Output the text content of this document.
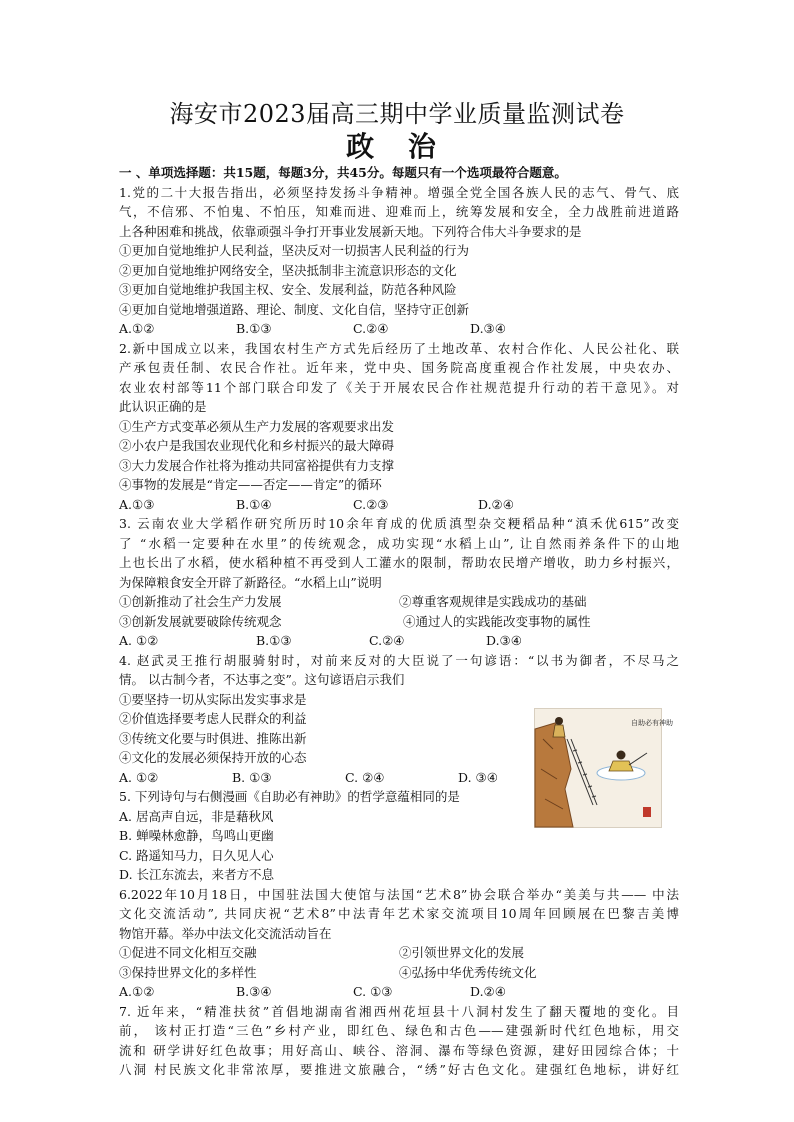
海安市2023届高三期中学业质量监测试卷
政 治
一 、单项选择题：共15题，每题3分，共45分。每题只有一个选项最符合题意。
1.党的二十大报告指出，必须坚持发扬斗争精神。增强全党全国各族人民的志气、骨气、底
气，不信邪、不怕鬼、不怕压，知难而进、迎难而上，统筹发展和安全，全力战胜前进道路
上各种困难和挑战，依靠顽强斗争打开事业发展新天地。下列符合伟大斗争要求的是
①更加自觉地维护人民利益，坚决反对一切损害人民利益的行为
②更加自觉地维护网络安全，坚决抵制非主流意识形态的文化
③更加自觉地维护我国主权、安全、发展利益，防范各种风险
④更加自觉地增强道路、理论、制度、文化自信，坚持守正创新
A.①②	B.①③	C.②④	D.③④
2.新中国成立以来，我国农村生产方式先后经历了土地改革、农村合作化、人民公社化、联
产承包责任制、农民合作社。近年来，党中央、国务院高度重视合作社发展，中央农办、
农业农村部等11个部门联合印发了《关于开展农民合作社规范提升行动的若干意见》。对
此认识正确的是
①生产方式变革必须从生产力发展的客观要求出发
②小农户是我国农业现代化和乡村振兴的最大障碍
③大力发展合作社将为推动共同富裕提供有力支撑
④事物的发展是“肯定——否定——肯定”的循环
A.①③	B.①④	C.②③	D.②④
3. 云南农业大学稻作研究所历时10余年育成的优质滇型杂交粳稻品种“滇禾优615”改变
了 “水稻一定要种在水里”的传统观念，成功实现“水稻上山”, 让自然雨养条件下的山地
上也长出了水稻，使水稻种植不再受到人工灌水的限制，帮助农民增产增收，助力乡村振兴，
为保障粮食安全开辟了新路径。“水稻上山”说明
①创新推动了社会生产力发展	②尊重客观规律是实践成功的基础
③创新发展就要破除传统观念	④通过人的实践能改变事物的属性
A. ①②	B.①③	C.②④	D.③④
4. 赵武灵王推行胡服骑射时，对前来反对的大臣说了一句谚语：“以书为御者，不尽马之
情。 以古制今者，不达事之变”。这句谚语启示我们
①要坚持一切从实际出发实事求是
②价值选择要考虑人民群众的利益
③传统文化要与时俱进、推陈出新
④文化的发展必须保持开放的心态
A. ①②	B. ①③	C. ②④	D. ③④
5. 下列诗句与右侧漫画《自助必有神助》的哲学意蕴相同的是
A. 居高声自远，非是藉秋风
B. 蝉噪林愈静，鸟鸣山更幽
C. 路遥知马力，日久见人心
D. 长江东流去，来者方不息
6.2022年10月18日，中国驻法国大使馆与法国“艺术8”协会联合举办“美美与共—— 中法
文化交流活动”, 共同庆祝“艺术8”中法青年艺术家交流项目10周年回顾展在巴黎吉美博
物馆开幕。举办中法文化交流活动旨在
①促进不同文化相互交融	②引领世界文化的发展
③保持世界文化的多样性	④弘扬中华优秀传统文化
A.①②	B.③④	C. ①③	D.②④
7. 近年来，“精准扶贫”首倡地湖南省湘西州花垣县十八洞村发生了翻天覆地的变化。目
前， 该村正打造“三色”乡村产业，即红色、绿色和古色——建强新时代红色地标，用交
流和 研学讲好红色故事；用好高山、峡谷、溶洞、瀑布等绿色资源，建好田园综合体；十
八洞 村民族文化非常浓厚，要推进文旅融合，“绣”好古色文化。建强红色地标，讲好红
自助必有神助
